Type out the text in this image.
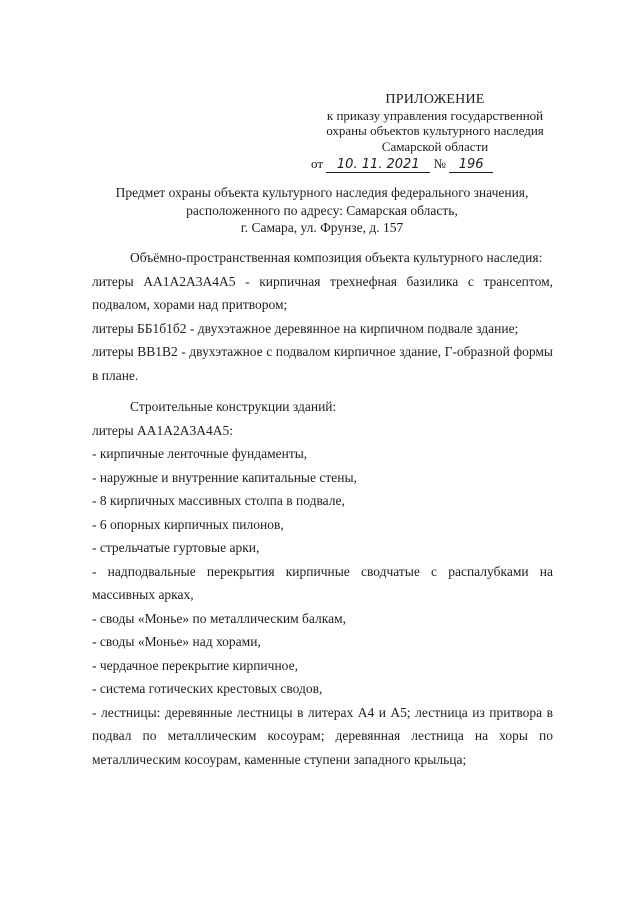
ПРИЛОЖЕНИЕ
к приказу управления государственной
охраны объектов культурного наследия
Самарской области
от 10. 11. 2021 № 196
Предмет охраны объекта культурного наследия федерального значения,
расположенного по адресу: Самарская область,
г. Самара, ул. Фрунзе, д. 157

Объёмно-пространственная композиция объекта культурного наследия:

литеры АА1А2А3А4А5 - кирпичная трехнефная базилика с трансептом, подвалом, хорами над притвором;

литеры ББ1б1б2 - двухэтажное деревянное на кирпичном подвале здание;

литеры ВВ1В2 - двухэтажное с подвалом кирпичное здание, Г-образной формы в плане.

Строительные конструкции зданий:

литеры АА1А2А3А4А5:

- кирпичные ленточные фундаменты,

- наружные и внутренние капитальные стены,

- 8 кирпичных массивных столпа в подвале,

- 6 опорных кирпичных пилонов,

- стрельчатые гуртовые арки,

- надподвальные перекрытия кирпичные сводчатые с распалубками на массивных арках,

- своды «Монье» по металлическим балкам,

- своды «Монье» над хорами,

- чердачное перекрытие кирпичное,

- система готических крестовых сводов,

- лестницы: деревянные лестницы в литерах А4 и А5; лестница из притвора в подвал по металлическим косоурам; деревянная лестница на хоры по металлическим косоурам, каменные ступени западного крыльца;
